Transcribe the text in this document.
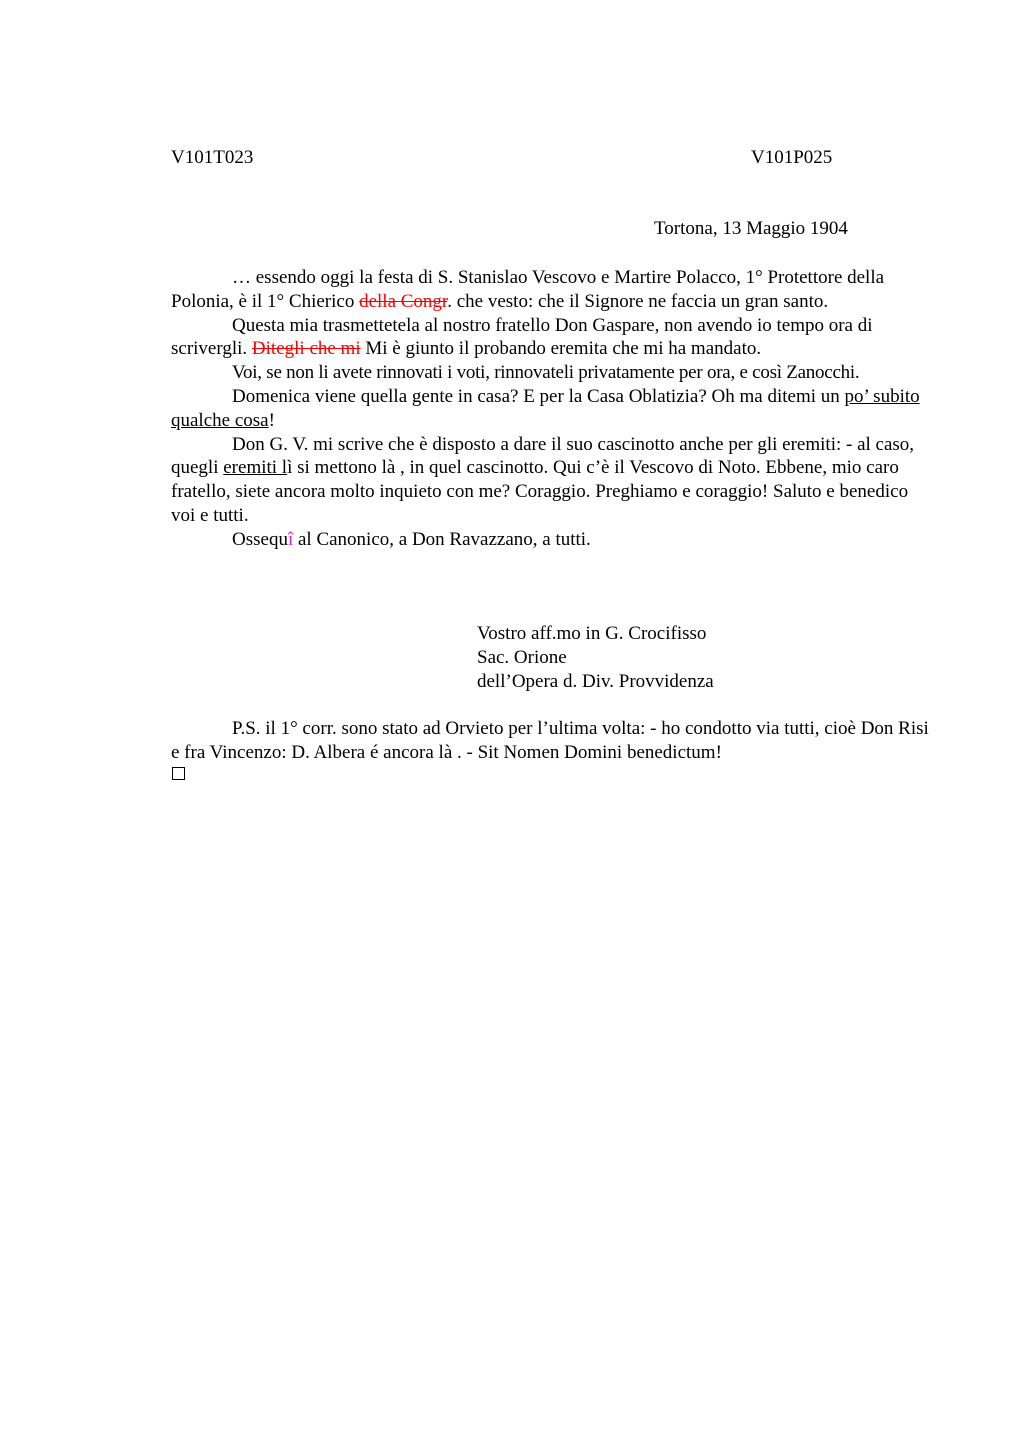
V101T023	V101P025
Tortona, 13 Maggio 1904

… essendo oggi la festa di S. Stanislao Vescovo e Martire Polacco, 1° Protettore della Polonia, è il 1° Chierico della Congr. che vesto: che il Signore ne faccia un gran santo.

Questa mia trasmettetela al nostro fratello Don Gaspare, non avendo io tempo ora di scrivergli. Ditegli che mi Mi è giunto il probando eremita che mi ha mandato.

Voi, se non li avete rinnovati i voti, rinnovateli privatamente per ora, e così Zanocchi.

Domenica viene quella gente in casa? E per la Casa Oblatizia? Oh ma ditemi un po’ subito qualche cosa!

Don G. V. mi scrive che è disposto a dare il suo cascinotto anche per gli eremiti: - al caso, quegli eremiti lì si mettono là , in quel cascinotto. Qui c’è il Vescovo di Noto. Ebbene, mio caro fratello, siete ancora molto inquieto con me? Coraggio. Preghiamo e coraggio! Saluto e benedico voi e tutti.

Ossequî al Canonico, a Don Ravazzano, a tutti.

Vostro aff.mo in G. Crocifisso
Sac. Orione
dell’Opera d. Div. Provvidenza

P.S. il 1° corr. sono stato ad Orvieto per l’ultima volta: - ho condotto via tutti, cioè Don Risi e fra Vincenzo: D. Albera é ancora là . - Sit Nomen Domini benedictum!
